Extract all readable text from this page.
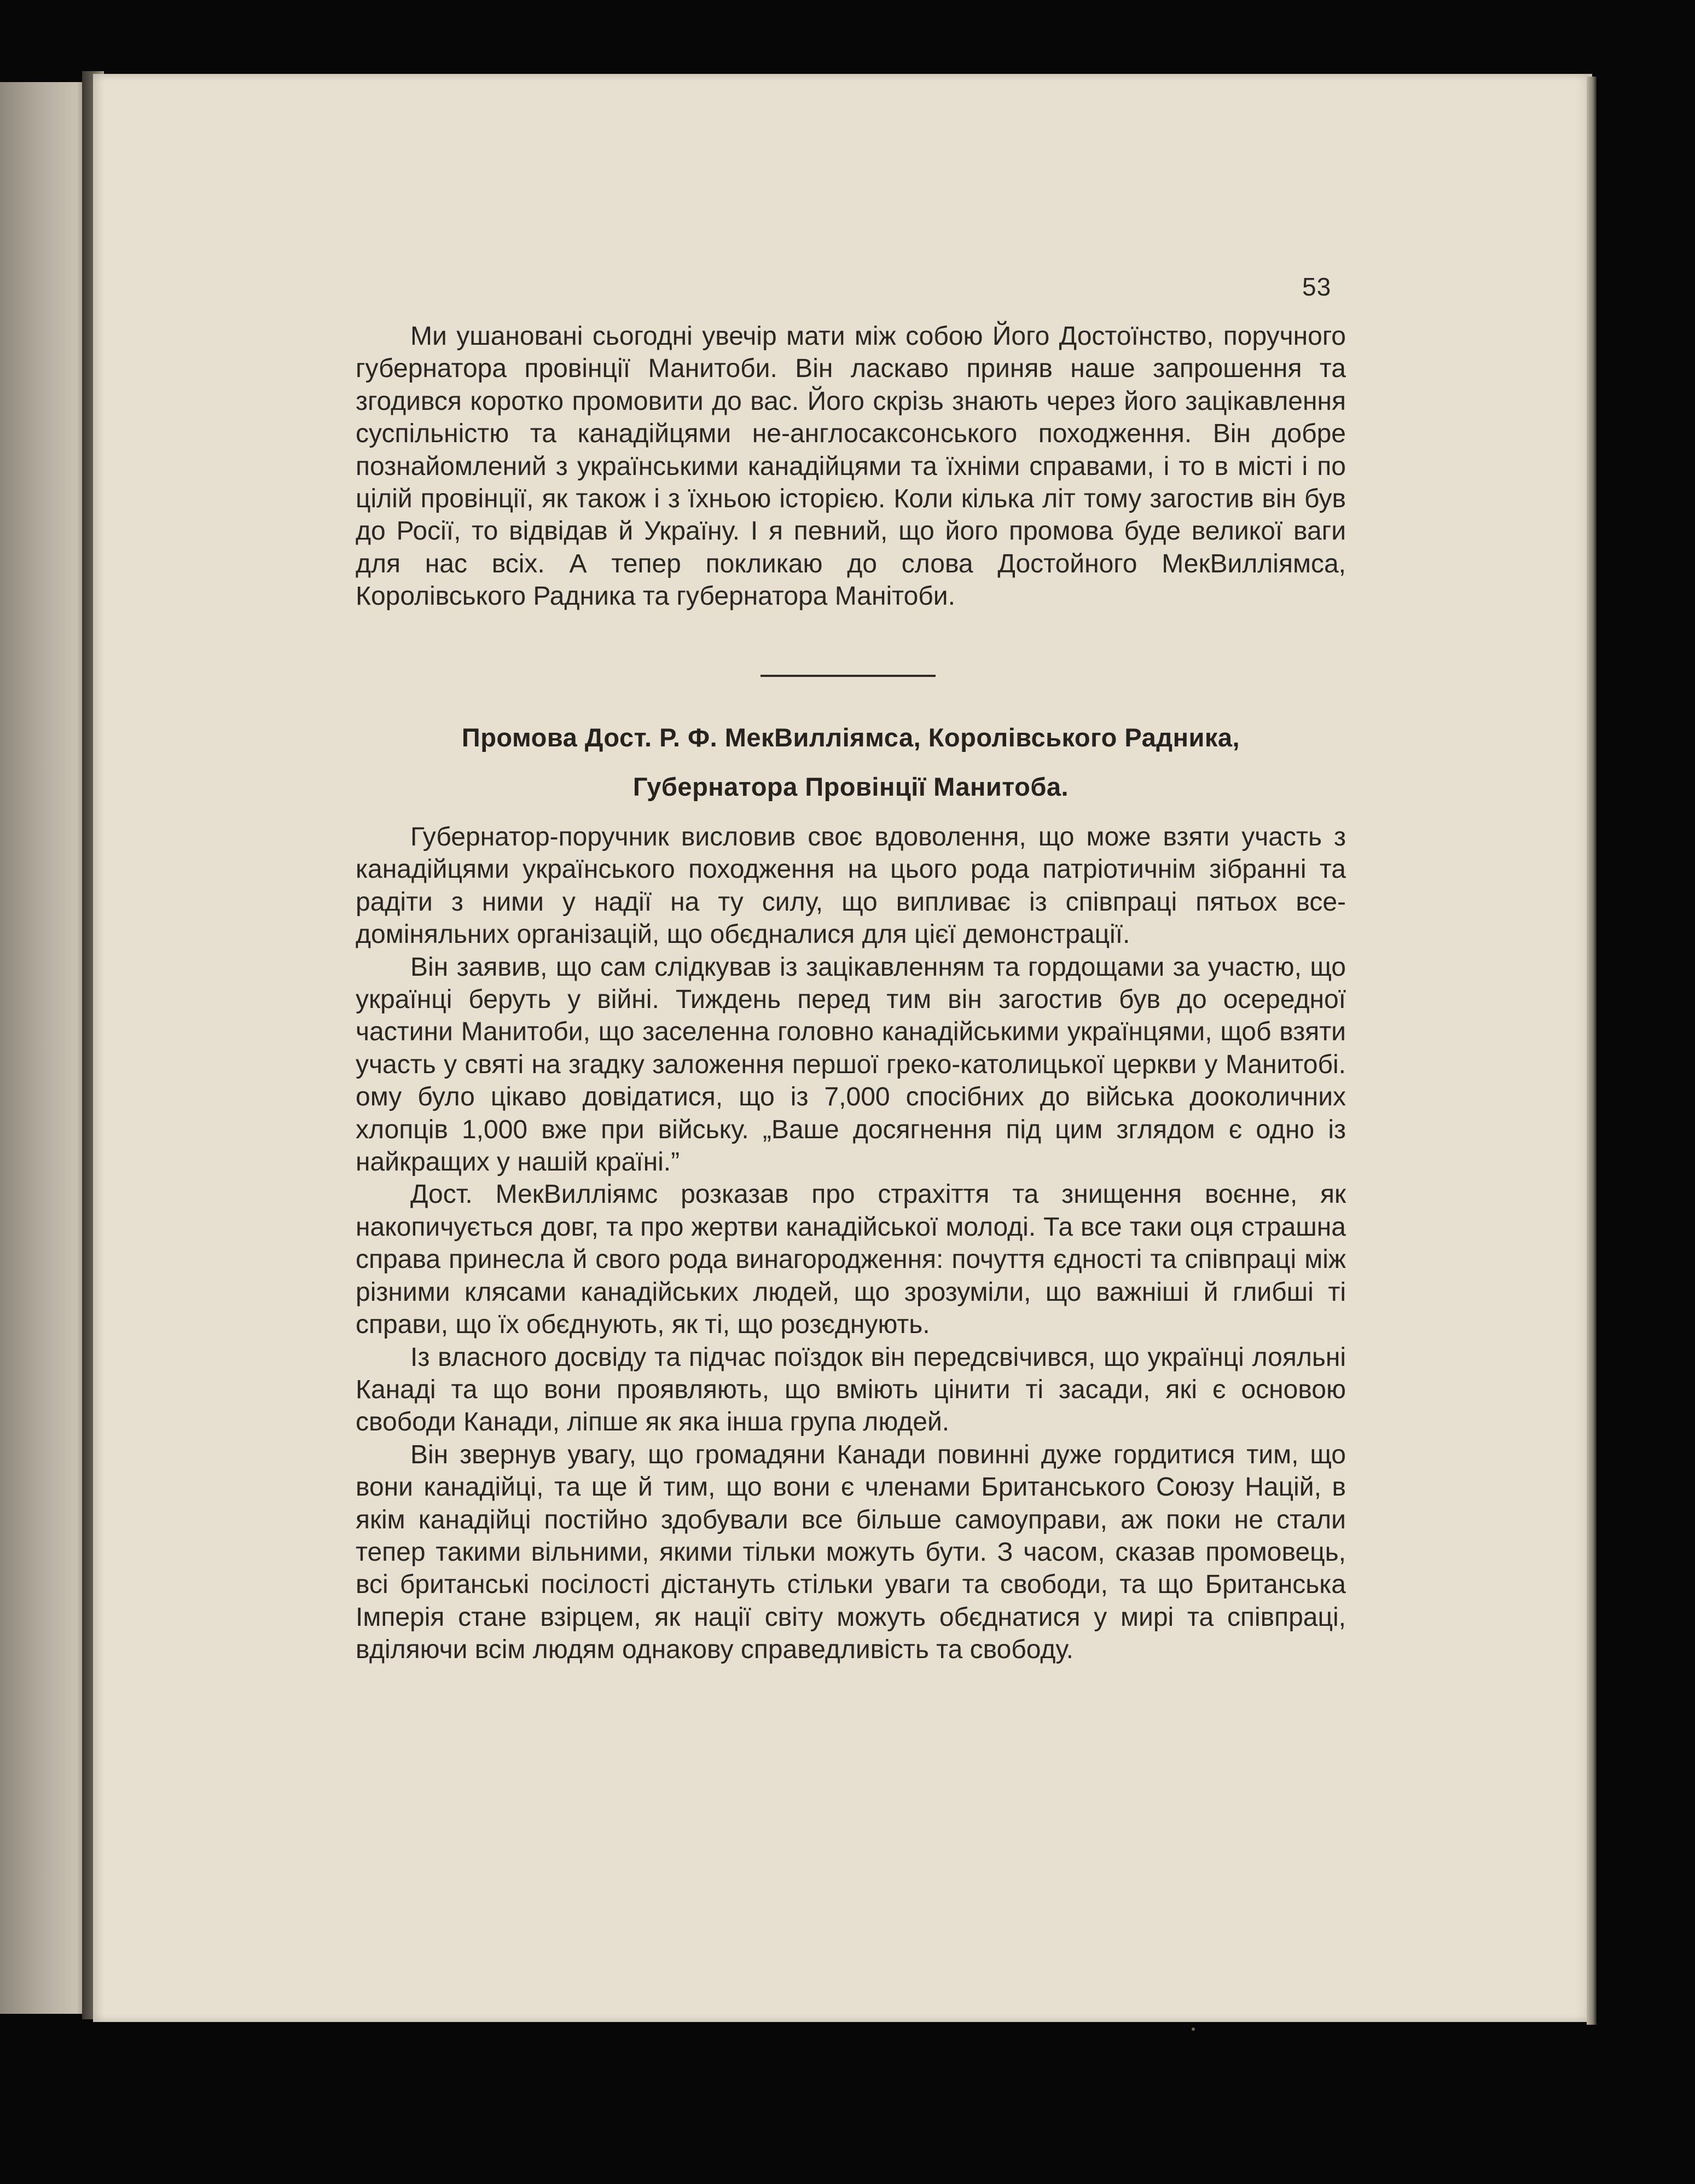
53

Ми ушановані сьогодні увечір мати між собою Його Достоїнство, поручного губернатора провінції Манитоби. Він ласкаво приняв наше запрошення та згодився коротко промовити до вас. Його скрізь знають через його зацікавлення суспільністю та канадійцями не-англосаксонського походження. Він добре познайомлений з українськими канадійцями та їхніми справами, і то в місті і по цілій провінції, як також і з їхньою історією. Коли кілька літ тому загостив він був до Росії, то відвідав й Україну. І я певний, що його промова буде великої ваги для нас всіх. А тепер покликаю до слова Достойного МекВилліямса, Королівського Радника та губернатора Манітоби.

Промова Дост. Р. Ф. МекВилліямса, Королівського Радника,
Губернатора Провінції Манитоба.

Губернатор-поручник висловив своє вдоволення, що може взяти участь з канадійцями українського походження на цього рода патріотичнім зібранні та радіти з ними у надії на ту силу, що випливає із співпраці пятьох все-доміняльних організацій, що обєдналися для цієї демонстрації.

Він заявив, що сам слідкував із зацікавленням та гордощами за участю, що українці беруть у війні. Тиждень перед тим він загостив був до осередної частини Манитоби, що заселенна головно канадійськими українцями, щоб взяти участь у святі на згадку заложення першої греко-католицької церкви у Манитобі. ому було цікаво довідатися, що із 7,000 спосібних до війська дооколичних хлопців 1,000 вже при війську. „Ваше досягнення під цим зглядом є одно із найкращих у нашій країні.”

Дост. МекВилліямс розказав про страхіття та знищення воєнне, як накопичується довг, та про жертви канадійської молоді. Та все таки оця страшна справа принесла й свого рода винагородження: почуття єдності та співпраці між різними клясами канадійських людей, що зрозуміли, що важніші й глибші ті справи, що їх обєднують, як ті, що розєднують.

Із власного досвіду та підчас поїздок він передсвічився, що українці лояльні Канаді та що вони проявляють, що вміють цінити ті засади, які є основою свободи Канади, ліпше як яка інша група людей.

Він звернув увагу, що громадяни Канади повинні дуже гордитися тим, що вони канадійці, та ще й тим, що вони є членами Британського Союзу Націй, в якім канадійці постійно здобували все більше самоуправи, аж поки не стали тепер такими вільними, якими тільки можуть бути. З часом, сказав промовець, всі британські посілості дістануть стільки уваги та свободи, та що Британська Імперія стане взірцем, як нації світу можуть обєднатися у мирі та співпраці, вділяючи всім людям однакову справедливість та свободу.
